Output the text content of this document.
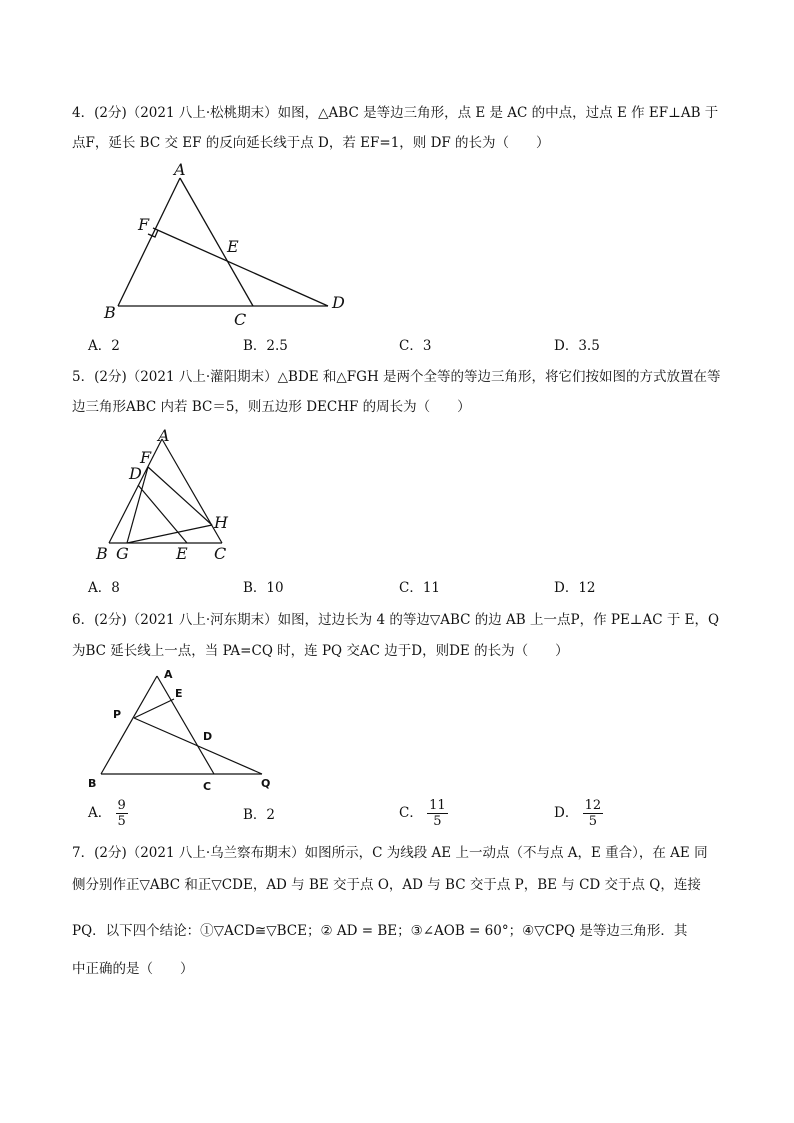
4．(2分)（2021 八上·松桃期末）如图，△ABC 是等边三角形，点 E 是 AC 的中点，过点 E 作 EF⊥AB 于
点F，延长 BC 交 EF 的反向延长线于点 D，若 EF=1，则 DF 的长为（　　）
A
F
E
B	C
D
A．2	B．2.5	C．3	D．3.5
5．(2分)（2021 八上·灌阳期末）△BDE 和△FGH 是两个全等的等边三角形，将它们按如图的方式放置在等
边三角形ABC 内若 BC＝5，则五边形 DECHF 的周长为（　　）
A
F
D
H
B G	E C
A．8	B．10	C．11	D．12
6．(2分)（2021 八上·河东期末）如图，过边长为 4 的等边▽ABC 的边 AB 上一点P，作 PE⊥AC 于 E，Q
为BC 延长线上一点，当 PA=CQ 时，连 PQ 交AC 边于D，则DE 的长为（　　）
A
E
P
D
B	C	Q
A． $\frac{9}{5}$	B．2	C． $\frac{11}{5}$	D． $\frac{12}{5}$
7．(2分)（2021 八上·乌兰察布期末）如图所示，C 为线段 AE 上一动点（不与点 A，E 重合），在 AE 同
侧分别作正▽ABC 和正▽CDE，AD 与 BE 交于点 O，AD 与 BC 交于点 P，BE 与 CD 交于点 Q，连接
PQ．以下四个结论：①▽ACD≅▽BCE；② AD = BE；③∠AOB = 60°；④▽CPQ 是等边三角形．其
中正确的是（　　）
